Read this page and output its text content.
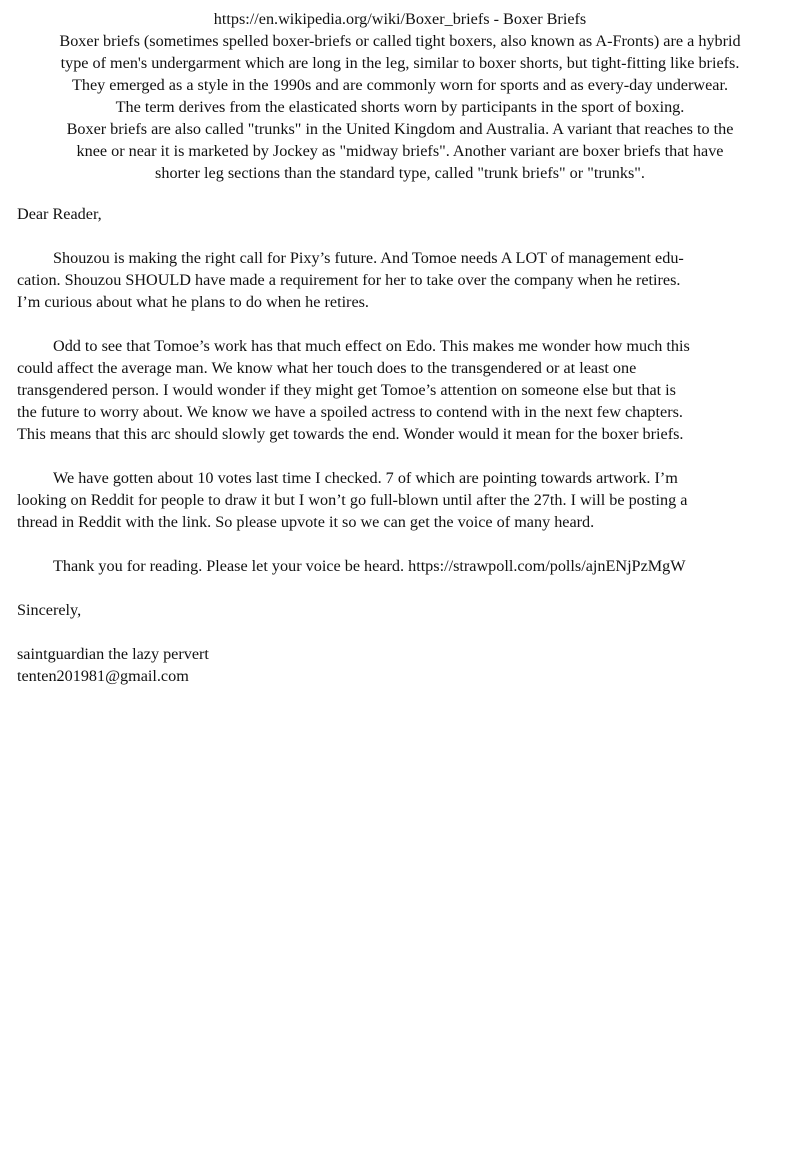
https://en.wikipedia.org/wiki/Boxer_briefs - Boxer Briefs
Boxer briefs (sometimes spelled boxer-briefs or called tight boxers, also known as A-Fronts) are a hybrid
type of men's undergarment which are long in the leg, similar to boxer shorts, but tight-fitting like briefs.
They emerged as a style in the 1990s and are commonly worn for sports and as every-day underwear.
The term derives from the elasticated shorts worn by participants in the sport of boxing.
Boxer briefs are also called "trunks" in the United Kingdom and Australia. A variant that reaches to the
knee or near it is marketed by Jockey as "midway briefs". Another variant are boxer briefs that have
shorter leg sections than the standard type, called "trunk briefs" or "trunks".

Dear Reader,

Shouzou is making the right call for Pixy’s future. And Tomoe needs A LOT of management edu-
cation. Shouzou SHOULD have made a requirement for her to take over the company when he retires.
I’m curious about what he plans to do when he retires.

Odd to see that Tomoe’s work has that much effect on Edo. This makes me wonder how much this
could affect the average man. We know what her touch does to the transgendered or at least one
transgendered person. I would wonder if they might get Tomoe’s attention on someone else but that is
the future to worry about. We know we have a spoiled actress to contend with in the next few chapters.
This means that this arc should slowly get towards the end. Wonder would it mean for the boxer briefs.

We have gotten about 10 votes last time I checked. 7 of which are pointing towards artwork. I’m
looking on Reddit for people to draw it but I won’t go full-blown until after the 27th. I will be posting a
thread in Reddit with the link. So please upvote it so we can get the voice of many heard.

Thank you for reading. Please let your voice be heard. https://strawpoll.com/polls/ajnENjPzMgW

Sincerely,

saintguardian the lazy pervert
tenten201981@gmail.com
